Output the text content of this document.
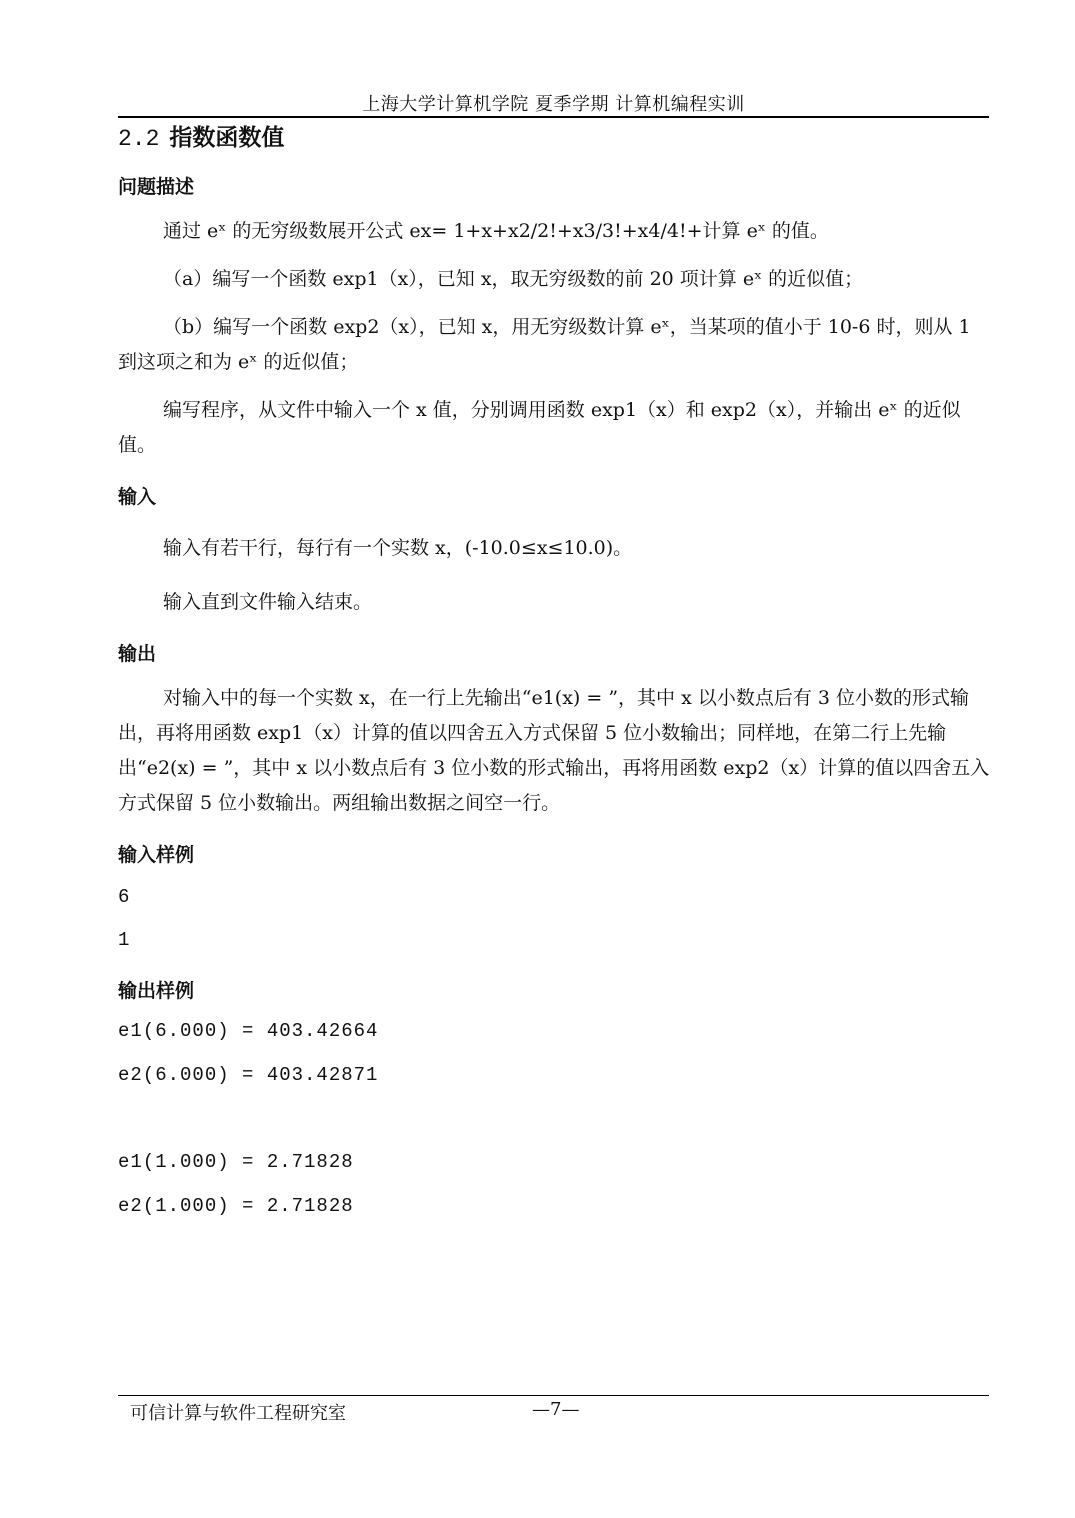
上海大学计算机学院 夏季学期 计算机编程实训
2.2 指数函数值
问题描述
通过 eˣ 的无穷级数展开公式 ex= 1+x+x2/2!+x3/3!+x4/4!+计算 eˣ 的值。
（a）编写一个函数 exp1（x），已知 x，取无穷级数的前 20 项计算 eˣ 的近似值；
（b）编写一个函数 exp2（x），已知 x，用无穷级数计算 eˣ，当某项的值小于 10-6 时，则从 1 到这项之和为 eˣ 的近似值；
编写程序，从文件中输入一个 x 值，分别调用函数 exp1（x）和 exp2（x），并输出 eˣ 的近似值。
输入
输入有若干行，每行有一个实数 x，(-10.0≤x≤10.0)。
输入直到文件输入结束。
输出
对输入中的每一个实数 x，在一行上先输出“e1(x) = ”，其中 x 以小数点后有 3 位小数的形式输出，再将用函数 exp1（x）计算的值以四舍五入方式保留 5 位小数输出；同样地，在第二行上先输出“e2(x) = ”，其中 x 以小数点后有 3 位小数的形式输出，再将用函数 exp2（x）计算的值以四舍五入方式保留 5 位小数输出。两组输出数据之间空一行。
输入样例
6
1
输出样例
e1(6.000) = 403.42664
e2(6.000) = 403.42871
e1(1.000) = 2.71828
e2(1.000) = 2.71828
可信计算与软件工程研究室	—7—
